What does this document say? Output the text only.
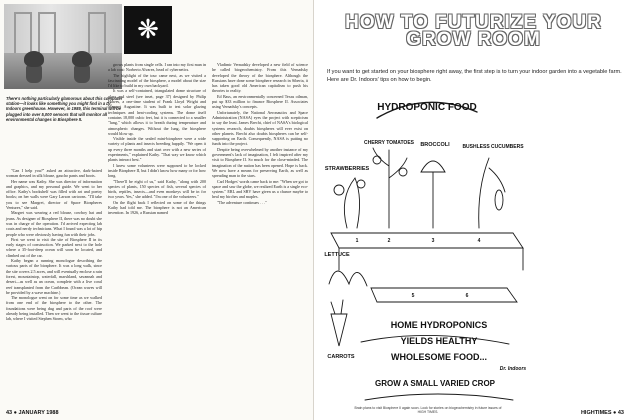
❋

There's nothing particularly glamorous about this computer station—it looks like something you might find in a Dr. Indoors greenhouse. However, in 1989, this terminal will be plugged into over 5,000 sensors that will monitor all environmental changes in Biosphere II.

"Can I help you?" asked an attractive, dark-haired woman dressed in silk blouse, gaucho pants and boots.

Her name was Kathy. She was director of information and graphics, and my personal guide. We went to her office. Kathy's bookshelf was filled with art and poetry books; on her walls were Gary Larson cartoons. "I'll take you to see Margret, director of Space Biospheres Ventures," she said.

Margret was wearing a red blouse, cowboy hat and jeans. As designer of Biosphere II, there was no doubt she was in charge of the operation. I'd arrived expecting lab coats and nerdy technicians. What I found was a lot of hip people who were obviously having fun with their jobs.

First we went to visit the site of Biosphere II in its early stages of construction. We parked next to the hole where a 35-foot-deep ocean will soon be located, and climbed out of the car.

Kathy began a running monologue describing the various parts of the biosphere. It was a long walk, since the site covers 2.5 acres, and will eventually enclose a rain forest, mountaintop, waterfall, marshland, savannah and desert—as well as an ocean, complete with a live coral reef transplanted from the Caribbean. (Ocean waves will be provided by a wave machine.)

The monologue went on for some time as we walked from one end of the biosphere to the other. The foundations were being dug and parts of the roof were already being installed. Then we went to the tissue culture lab, where I visited Stephen Storm, who

grows plants from single cells. I ran into my first man in a lab coat: Norberto Alvarez, head of cybernetics.

The highlight of the tour came next, as we visited a fascinating model of the biosphere, a model about the size I'd like to build in my own backyard.

It was a self-contained, triangulated dome structure of glass and steel (see inset, page 37) designed by Philip Hawes, a one-time student of Frank Lloyd Wright and Margret Augustine. It was built to test solar glazing techniques and heat-cooling systems. The dome itself contains 18,000 cubic feet, but it is connected to a smaller "lung," which allows it to breath during temperature and atmospheric changes. Without the lung, the biosphere would blow up.

Visible inside the sealed mini-biosphere were a wide variety of plants and insects breeding happily. "We open it up every three months and start over with a new series of experiments," explained Kathy. "That way we know which plants interact best."

I knew some volunteers were supposed to be locked inside Biosphere II, but I didn't know how many or for how long.

"There'll be eight of us," said Kathy, "along with 200 species of plants, 150 species of fish, several species of birds, reptiles, insects—and even monkeys will be in for two years. Yes," she added. "I'm one of the volunteers."

On the flight back I reflected on some of the things Kathy had told me. The biosphere is not an American invention. In 1926, a Russian named

Vladimir Vernadsky developed a new field of science he called biogeochemistry. From this Vernadsky developed the theory of the biosphere. Although the Russians have done some biosphere research in Siberia, it has taken good old American capitalism to push his theories to reality.

Ed Bass, an environmentally concerned Texas oilman, put up $33 million to finance Biosphere II. Associates using Vernadsky's concepts.

Unfortunately, the National Aeronautics and Space Administration (NASA) eyes the project with scepticism to say the least. James Brecht, chief of NASA's biological systems research, doubts biospheres will ever exist on other planets. Brecht also doubts biospheres can be self-supporting on Earth. Consequently, NASA is putting no funds into the project.

Despite being overwhelmed by another instance of my government's lack of imagination, I felt inspired after my visit to Biosphere II. So much for the close-minded. The imagination of the nation has been opened. Hope is back. We now have a means for preserving Earth, as well as spreading man to the stars.

Carl Hodges' words came back to me: "When we got to space and saw the globe, we realized Earth is a single eco-system." ERL and SBV have given us a chance maybe to heal my birches and maples.

"The adventure continues . . ."

43 ● JANUARY 1988
HOW TO FUTURIZE YOUR
GROW ROOM

If you want to get started on your biosphere right away, the first step is to turn your indoor garden into a vegetable farm. Here are Dr. Indoors' tips on how to begin.

HYDROPONIC FOOD
STRAWBERRIES
CHERRY TOMATOES BROCCOLI	BUSHLESS CUCUMBERS
LETTUCE
CARROTS
1	2	3	4
5	6
HOME HYDROPONICS
YIELDS HEALTHY
WHOLESOME FOOD...
GROW A SMALL VARIED CROP
Dr. Indoors

Brain plans to visit Biosphere II again soon. Look for stories on biogeochemistry in future issues of HIGH TIMES.	HIGHTIMES ● 43
